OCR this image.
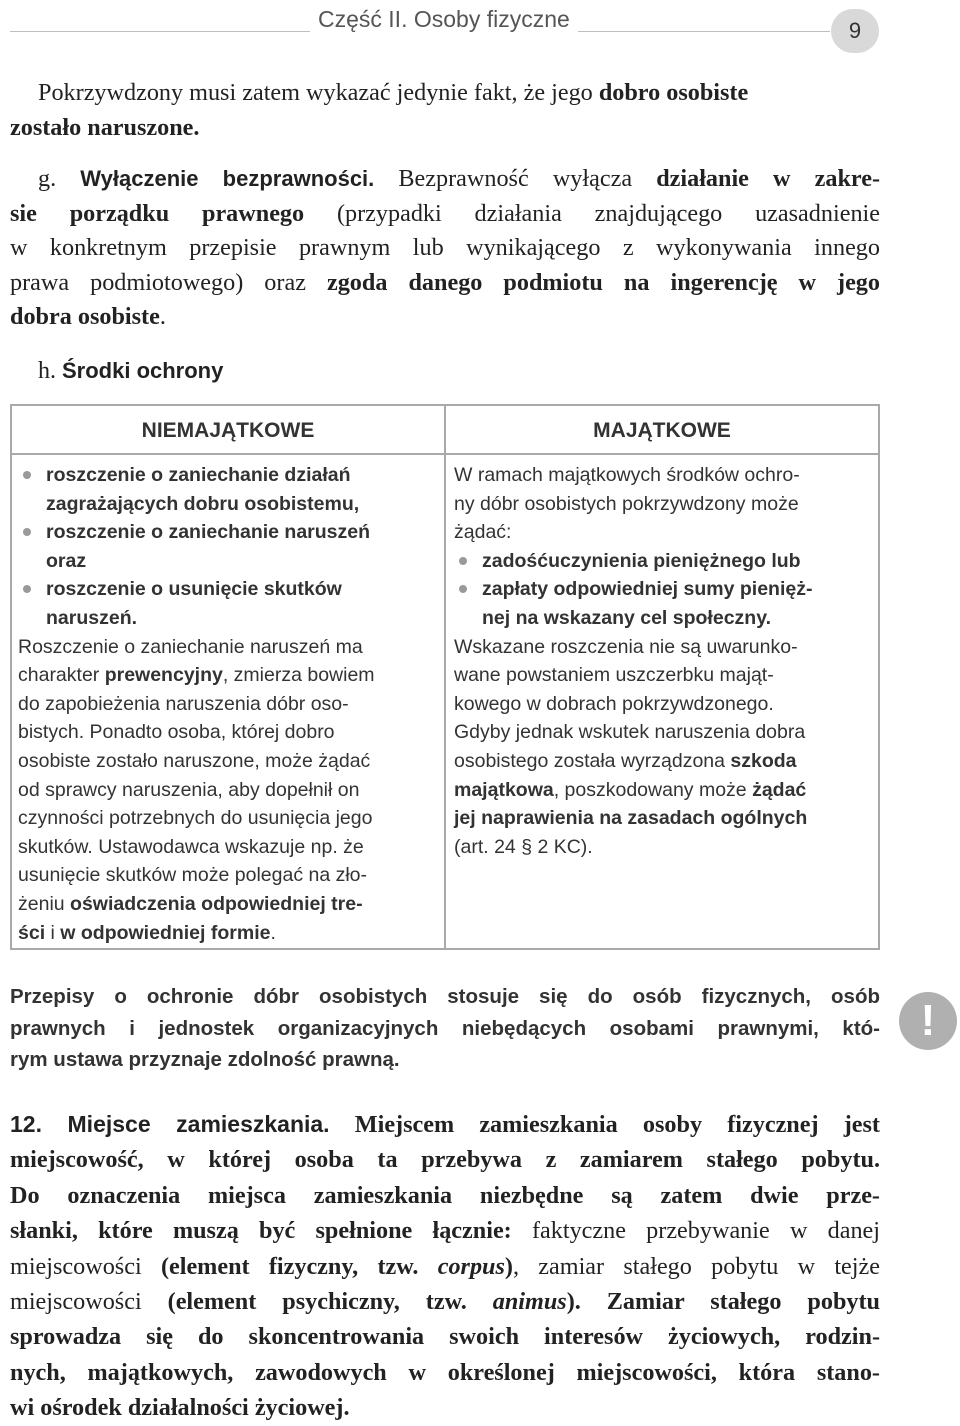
Część II. Osoby fizyczne	9

Pokrzywdzony musi zatem wykazać jedynie fakt, że jego dobro osobiste
zostało naruszone.

g. Wyłączenie bezprawności. Bezprawność wyłącza działanie w zakre-
sie porządku prawnego (przypadki działania znajdującego uzasadnienie
w konkretnym przepisie prawnym lub wynikającego z wykonywania innego
prawa podmiotowego) oraz zgoda danego podmiotu na ingerencję w jego
dobra osobiste.

h. Środki ochrony
NIEMAJĄTKOWE	MAJĄTKOWE
roszczenie o zaniechanie działań
zagrażających dobru osobistemu,
roszczenie o zaniechanie naruszeń
oraz
roszczenie o usunięcie skutków
naruszeń.

Roszczenie o zaniechanie naruszeń ma
charakter prewencyjny, zmierza bowiem
do zapobieżenia naruszenia dóbr oso-
bistych. Ponadto osoba, której dobro
osobiste zostało naruszone, może żądać
od sprawcy naruszenia, aby dopełnił on
czynności potrzebnych do usunięcia jego
skutków. Ustawodawca wskazuje np. że
usunięcie skutków może polegać na zło-
żeniu oświadczenia odpowiedniej tre-
ści i w odpowiedniej formie.

W ramach majątkowych środków ochro-
ny dóbr osobistych pokrzywdzony może
żądać:

zadośćuczynienia pieniężnego lub
zapłaty odpowiedniej sumy pienięż-
nej na wskazany cel społeczny.

Wskazane roszczenia nie są uwarunko-
wane powstaniem uszczerbku mająt-
kowego w dobrach pokrzywdzonego.
Gdyby jednak wskutek naruszenia dobra
osobistego została wyrządzona szkoda
majątkowa, poszkodowany może żądać
jej naprawienia na zasadach ogólnych
(art. 24 § 2 KC).

Przepisy o ochronie dóbr osobistych stosuje się do osób fizycznych, osób
prawnych i jednostek organizacyjnych niebędących osobami prawnymi, któ-
rym ustawa przyznaje zdolność prawną.

!

12. Miejsce zamieszkania. Miejscem zamieszkania osoby fizycznej jest
miejscowość, w której osoba ta przebywa z zamiarem stałego pobytu.
Do oznaczenia miejsca zamieszkania niezbędne są zatem dwie prze-
słanki, które muszą być spełnione łącznie: faktyczne przebywanie w danej
miejscowości (element fizyczny, tzw. corpus), zamiar stałego pobytu w tejże
miejscowości (element psychiczny, tzw. animus). Zamiar stałego pobytu
sprowadza się do skoncentrowania swoich interesów życiowych, rodzin-
nych, majątkowych, zawodowych w określonej miejscowości, która stano-
wi ośrodek działalności życiowej.
